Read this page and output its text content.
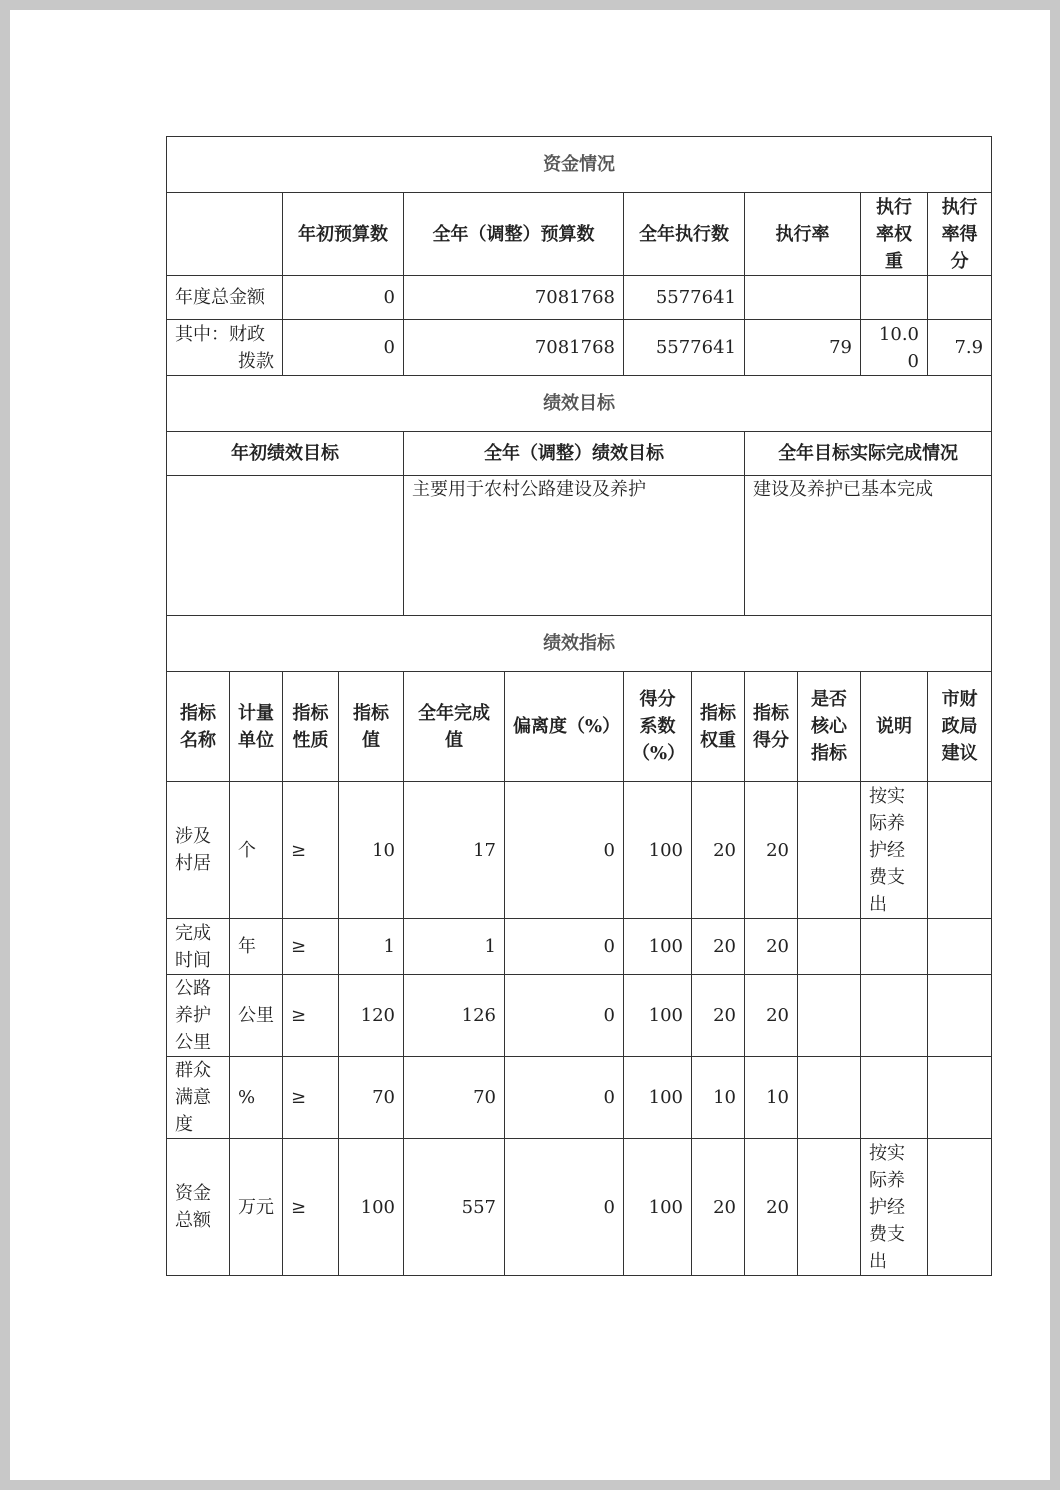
资金情况											
		年初预算数		全年（调整）预算数		全年执行数		执行率		执行率权重	执行率得分
年度总金额		0		7081768		5577641					

其中：财政
拨款		0		7081768		5577641		79		10.00	7.9
绩效目标											
年初绩效目标				全年（调整）绩效目标				全年目标实际完成情况			
				主要用于农村公路建设及养护				建设及养护已基本完成			
绩效指标											
指标名称	计量单位	指标性质	指标值	全年完成值	偏离度（%）	得分系数（%）	指标权重	指标得分	是否核心指标	说明	市财政局建议
涉及村居	个	≥	10	17	0	100	20	20		按实际养护经费支出	
完成时间	年	≥	1	1	0	100	20	20			
公路养护公里	公里	≥	120	126	0	100	20	20			
群众满意度	%	≥	70	70	0	100	10	10			
资金总额	万元	≥	100	557	0	100	20	20		按实际养护经费支出	
